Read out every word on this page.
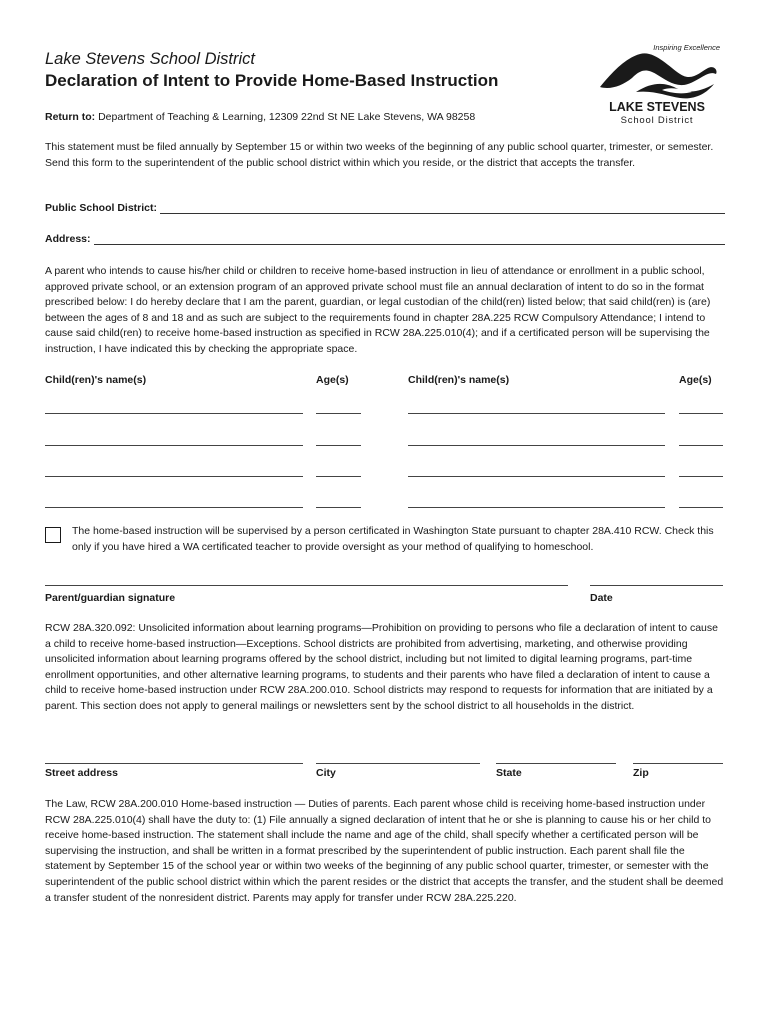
Lake Stevens School District
Declaration of Intent to Provide Home-Based Instruction
Return to: Department of Teaching & Learning, 12309 22nd St NE Lake Stevens, WA 98258
Inspiring Excellence
LAKE STEVENS
School District
This statement must be filed annually by September 15 or within two weeks of the beginning of any public school quarter, trimester, or semester. Send this form to the superintendent of the public school district within which you reside, or the district that accepts the transfer.
Public School District:
Address:
A parent who intends to cause his/her child or children to receive home-based instruction in lieu of attendance or enrollment in a public school, approved private school, or an extension program of an approved private school must file an annual declaration of intent to do so in the format prescribed below: I do hereby declare that I am the parent, guardian, or legal custodian of the child(ren) listed below; that said child(ren) is (are) between the ages of 8 and 18 and as such are subject to the requirements found in chapter 28A.225 RCW Compulsory Attendance; I intend to cause said child(ren) to receive home-based instruction as specified in RCW 28A.225.010(4); and if a certificated person will be supervising the instruction, I have indicated this by checking the appropriate space.
Child(ren)'s name(s)	Age(s)	Child(ren)'s name(s)	Age(s)
The home-based instruction will be supervised by a person certificated in Washington State pursuant to chapter 28A.410 RCW. Check this only if you have hired a WA certificated teacher to provide oversight as your method of qualifying to homeschool.
Parent/guardian signature	Date
RCW 28A.320.092: Unsolicited information about learning programs—Prohibition on providing to persons who file a declaration of intent to cause a child to receive home-based instruction—Exceptions. School districts are prohibited from advertising, marketing, and otherwise providing unsolicited information about learning programs offered by the school district, including but not limited to digital learning programs, part-time enrollment opportunities, and other alternative learning programs, to students and their parents who have filed a declaration of intent to cause a child to receive home-based instruction under RCW 28A.200.010. School districts may respond to requests for information that are initiated by a parent. This section does not apply to general mailings or newsletters sent by the school district to all households in the district.
Street address	City	State	Zip
The Law, RCW 28A.200.010 Home-based instruction — Duties of parents. Each parent whose child is receiving home-based instruction under RCW 28A.225.010(4) shall have the duty to: (1) File annually a signed declaration of intent that he or she is planning to cause his or her child to receive home-based instruction. The statement shall include the name and age of the child, shall specify whether a certificated person will be supervising the instruction, and shall be written in a format prescribed by the superintendent of public instruction. Each parent shall file the statement by September 15 of the school year or within two weeks of the beginning of any public school quarter, trimester, or semester with the superintendent of the public school district within which the parent resides or the district that accepts the transfer, and the student shall be deemed a transfer student of the nonresident district. Parents may apply for transfer under RCW 28A.225.220.
